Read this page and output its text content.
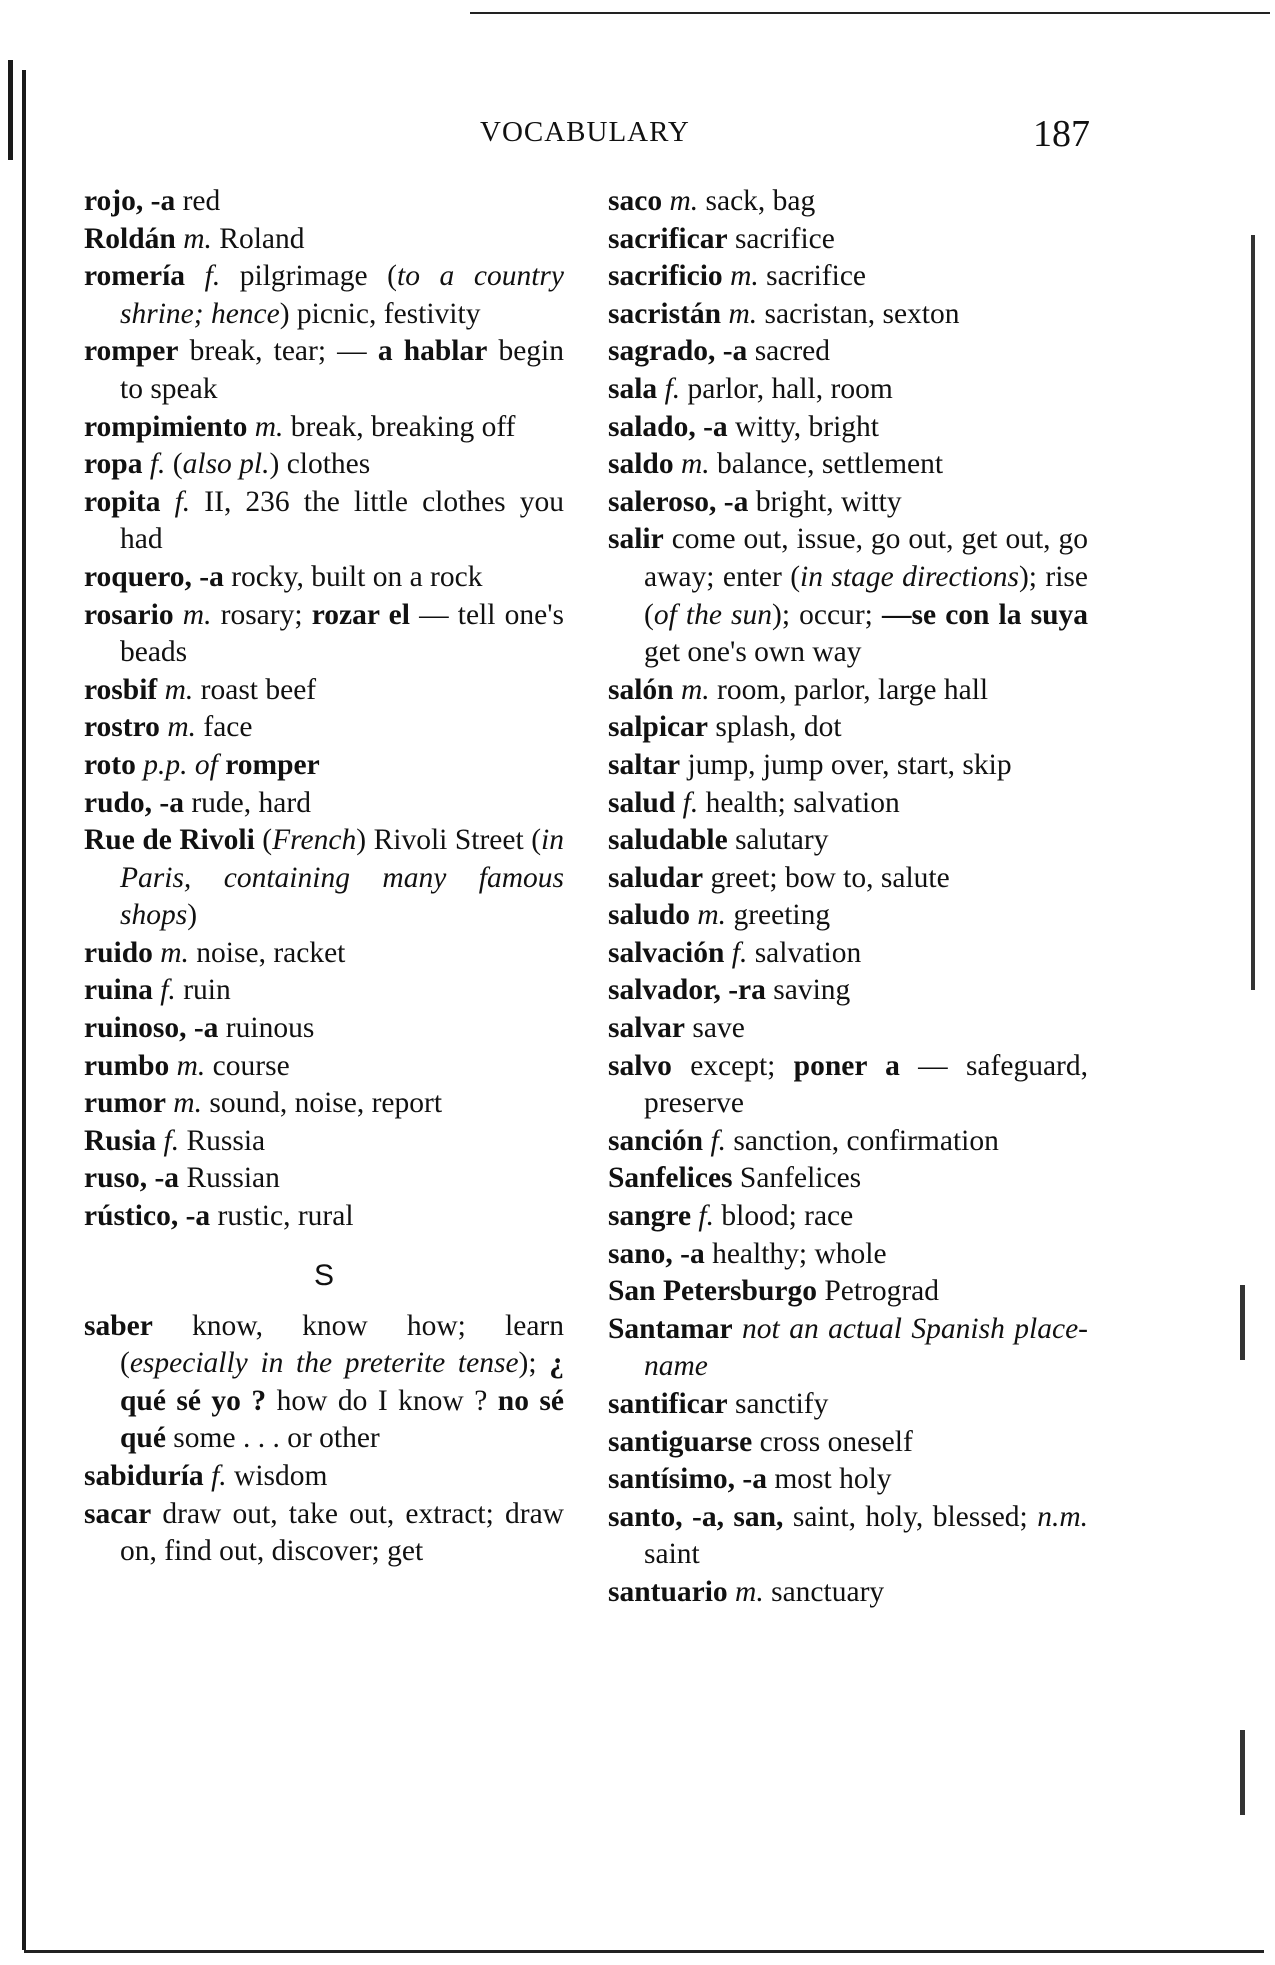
VOCABULARY	187
rojo, -a red
Roldán m. Roland
romería f. pilgrimage (to a country shrine; hence) picnic, festivity
romper break, tear; — a hablar begin to speak
rompimiento m. break, breaking off
ropa f. (also pl.) clothes
ropita f. II, 236 the little clothes you had
roquero, -a rocky, built on a rock
rosario m. rosary; rozar el — tell one's beads
rosbif m. roast beef
rostro m. face
roto p.p. of romper
rudo, -a rude, hard
Rue de Rivoli (French) Rivoli Street (in Paris, containing many famous shops)
ruido m. noise, racket
ruina f. ruin
ruinoso, -a ruinous
rumbo m. course
rumor m. sound, noise, report
Rusia f. Russia
ruso, -a Russian
rústico, -a rustic, rural
S
saber know, know how; learn (especially in the preterite tense); ¿ qué sé yo ? how do I know ? no sé qué some . . . or other
sabiduría f. wisdom
sacar draw out, take out, extract; draw on, find out, discover; get
saco m. sack, bag
sacrificar sacrifice
sacrificio m. sacrifice
sacristán m. sacristan, sexton
sagrado, -a sacred
sala f. parlor, hall, room
salado, -a witty, bright
saldo m. balance, settlement
saleroso, -a bright, witty
salir come out, issue, go out, get out, go away; enter (in stage directions); rise (of the sun); occur; —se con la suya get one's own way
salón m. room, parlor, large hall
salpicar splash, dot
saltar jump, jump over, start, skip
salud f. health; salvation
saludable salutary
saludar greet; bow to, salute
saludo m. greeting
salvación f. salvation
salvador, -ra saving
salvar save
salvo except; poner a — safeguard, preserve
sanción f. sanction, confirmation
Sanfelices Sanfelices
sangre f. blood; race
sano, -a healthy; whole
San Petersburgo Petrograd
Santamar not an actual Spanish place-name
santificar sanctify
santiguarse cross oneself
santísimo, -a most holy
santo, -a, san, saint, holy, blessed; n.m. saint
santuario m. sanctuary
